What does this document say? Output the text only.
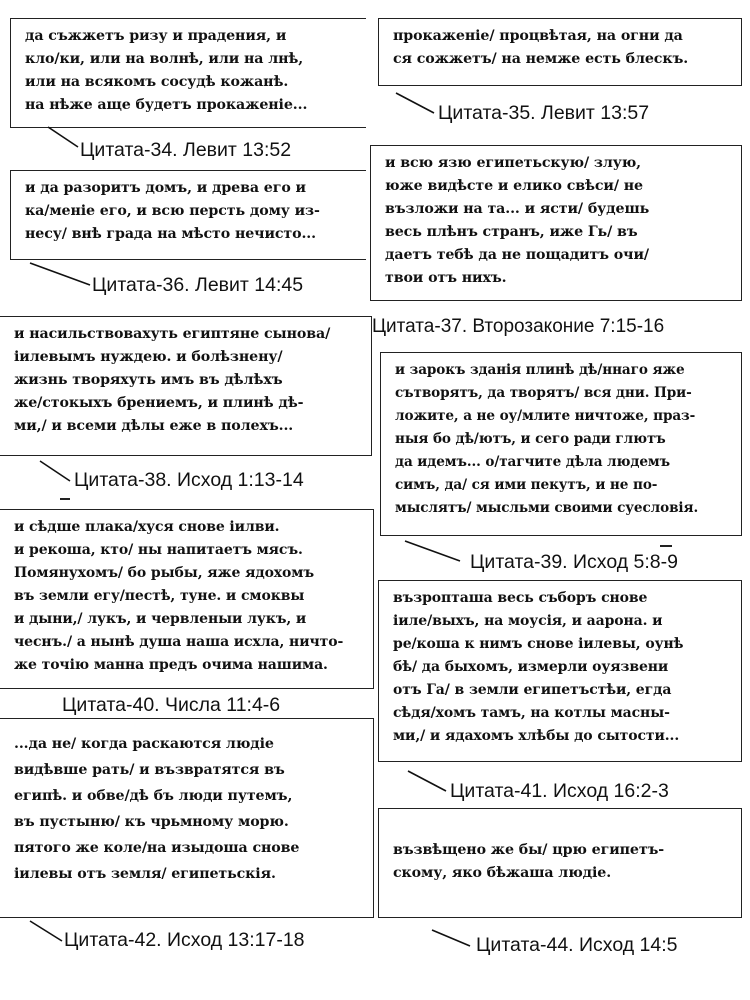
да съжжетъ ризу и прадения, и
кло/ки, или на волнѣ, или на лнѣ,
или на всякомъ сосудѣ кожанѣ.
на нѣже аще будетъ прокаженіе...
Цитата-34. Левит 13:52
прокаженіе/ процвѣтая, на огни да
ся сожжетъ/ на немже есть блескъ.
Цитата-35. Левит 13:57
и да разоритъ домъ, и древа его и
ка/меніе его, и всю персть дому из-
несу/ внѣ града на мѣсто нечисто...
Цитата-36. Левит 14:45
и всю язю египетьскую/ злую,
юже видѣсте и елико свѣси/ не
възложи на та... и ясти/ будешь
весь плѣнъ странъ, иже Гь/ въ
даетъ тебѣ да не пощадитъ очи/
твои отъ нихъ.
Цитата-37. Второзаконие 7:15-16
и насильствовахуть египтяне сынова/
іилевымъ нуждею. и болѣзнену/
жизнь творяхуть имъ въ дѣлѣхъ
же/стокыхъ брениемъ, и плинѣ дѣ-
ми,/ и всеми дѣлы еже в полехъ...
Цитата-38. Исход 1:13-14
и зарокъ зданія плинѣ дѣ/ннаго яже
сътворятъ, да творятъ/ вся дни. При-
ложите, а не оу/млите ничтоже, праз-
ныя бо дѣ/ютъ, и сего ради глютъ
да идемъ... о/тагчите дѣла людемъ
симъ, да/ ся ими пекутъ, и не по-
мыслятъ/ мысльми своими суесловія.
Цитата-39. Исход 5:8-9
и сѣдше плака/хуся снове іилви.
и рекоша, кто/ ны напитаетъ мясъ.
Помянухомъ/ бо рыбы, яже ядохомъ
въ земли егу/пестѣ, туне. и смоквы
и дыни,/ лукъ, и червленыи лукъ, и
чеснъ./ а нынѣ душа наша исхла, ничто-
же точію манна предъ очима нашима.
Цитата-40. Числа 11:4-6
възропташа весь съборъ снове
іилe/выхъ, на моусія, и аарона. и
ре/коша к нимъ снове іилевы, оунѣ
бѣ/ да быхомъ, измерли оуязвени
отъ Гa/ в земли египетъстѣи, егда
сѣдя/хомъ тамъ, на котлы масны-
ми,/ и ядахомъ хлѣбы до сытости...
Цитата-41. Исход 16:2-3
...да не/ когда раскаются людіе
видѣвше рать/ и възвратятся въ
египѣ. и обве/дѣ бъ люди путемъ,
въ пустыню/ къ чрьмному морю.
пятого же коле/на изыдоша снове
іилевы отъ земля/ египетьскія.
Цитата-42. Исход 13:17-18
възвѣщено же бы/ црю египетъ-
скому, яко бѣжаша людіе.
Цитата-44. Исход 14:5
